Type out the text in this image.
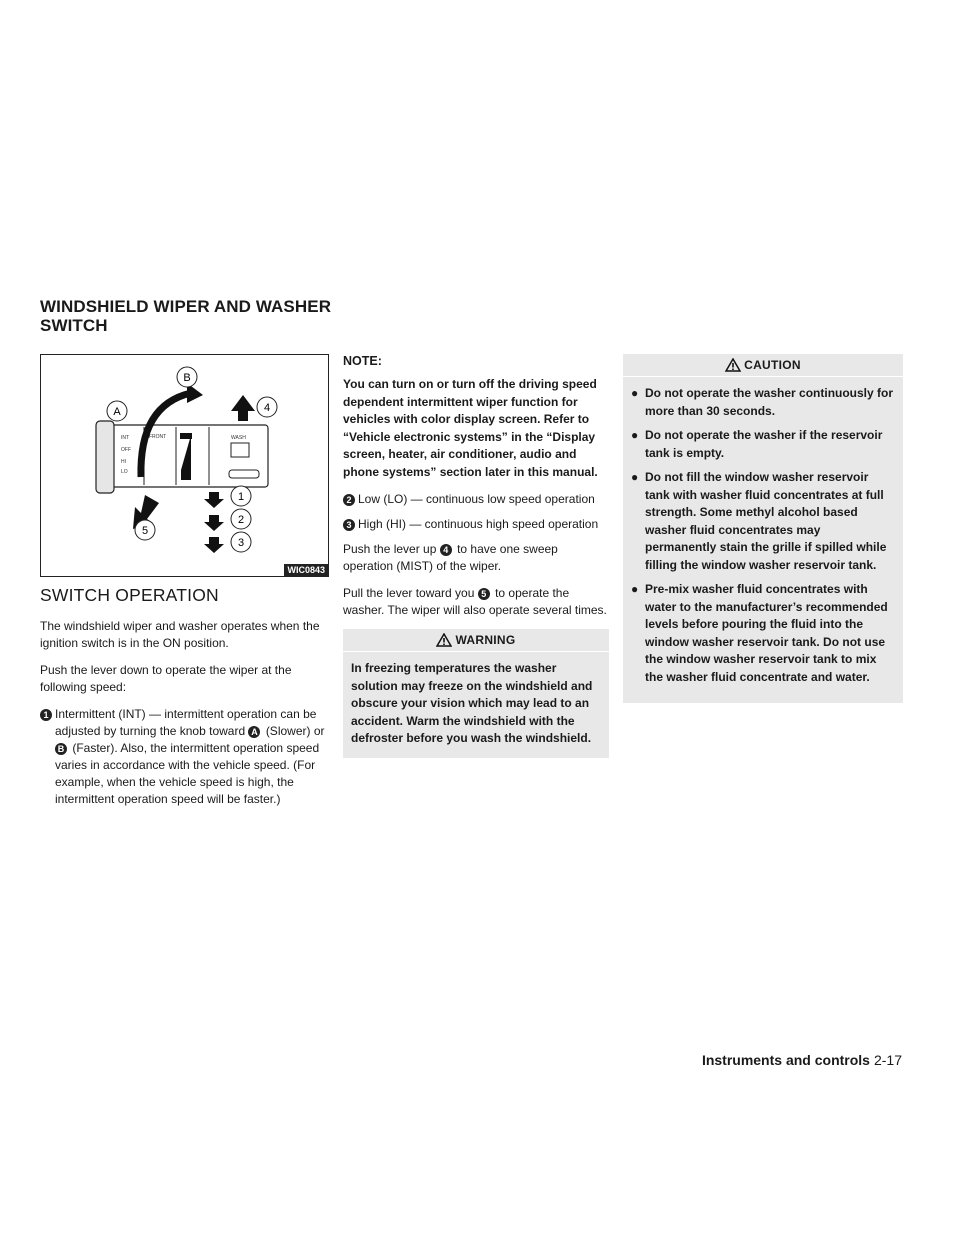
WINDSHIELD WIPER AND WASHER SWITCH
INT
OFF
HI
LO
FRONT	WASH
A
B
1
2
3
4
5
WIC0843
SWITCH OPERATION

The windshield wiper and washer operates when the ignition switch is in the ON position.

Push the lever down to operate the wiper at the following speed:

1 Intermittent (INT) — intermittent operation can be adjusted by turning the knob toward A (Slower) or B (Faster). Also, the intermittent operation speed varies in accordance with the vehicle speed. (For example, when the vehicle speed is high, the intermittent operation speed will be faster.)
NOTE:

You can turn on or turn off the driving speed dependent intermittent wiper function for vehicles with color display screen. Refer to “Vehicle electronic systems” in the “Display screen, heater, air conditioner, audio and phone systems” section later in this manual.

2 Low (LO) — continuous low speed operation
3 High (HI) — continuous high speed operation

Push the lever up 4 to have one sweep operation (MIST) of the wiper.

Pull the lever toward you 5 to operate the washer. The wiper will also operate several times.

WARNING
In freezing temperatures the washer solution may freeze on the windshield and obscure your vision which may lead to an accident. Warm the windshield with the defroster before you wash the windshield.
CAUTION
● Do not operate the washer continuously for more than 30 seconds.
● Do not operate the washer if the reservoir tank is empty.
● Do not fill the window washer reservoir tank with washer fluid concentrates at full strength. Some methyl alcohol based washer fluid concentrates may permanently stain the grille if spilled while filling the window washer reservoir tank.
● Pre-mix washer fluid concentrates with water to the manufacturer’s recommended levels before pouring the fluid into the window washer reservoir tank. Do not use the window washer reservoir tank to mix the washer fluid concentrate and water.
Instruments and controls 2-17
